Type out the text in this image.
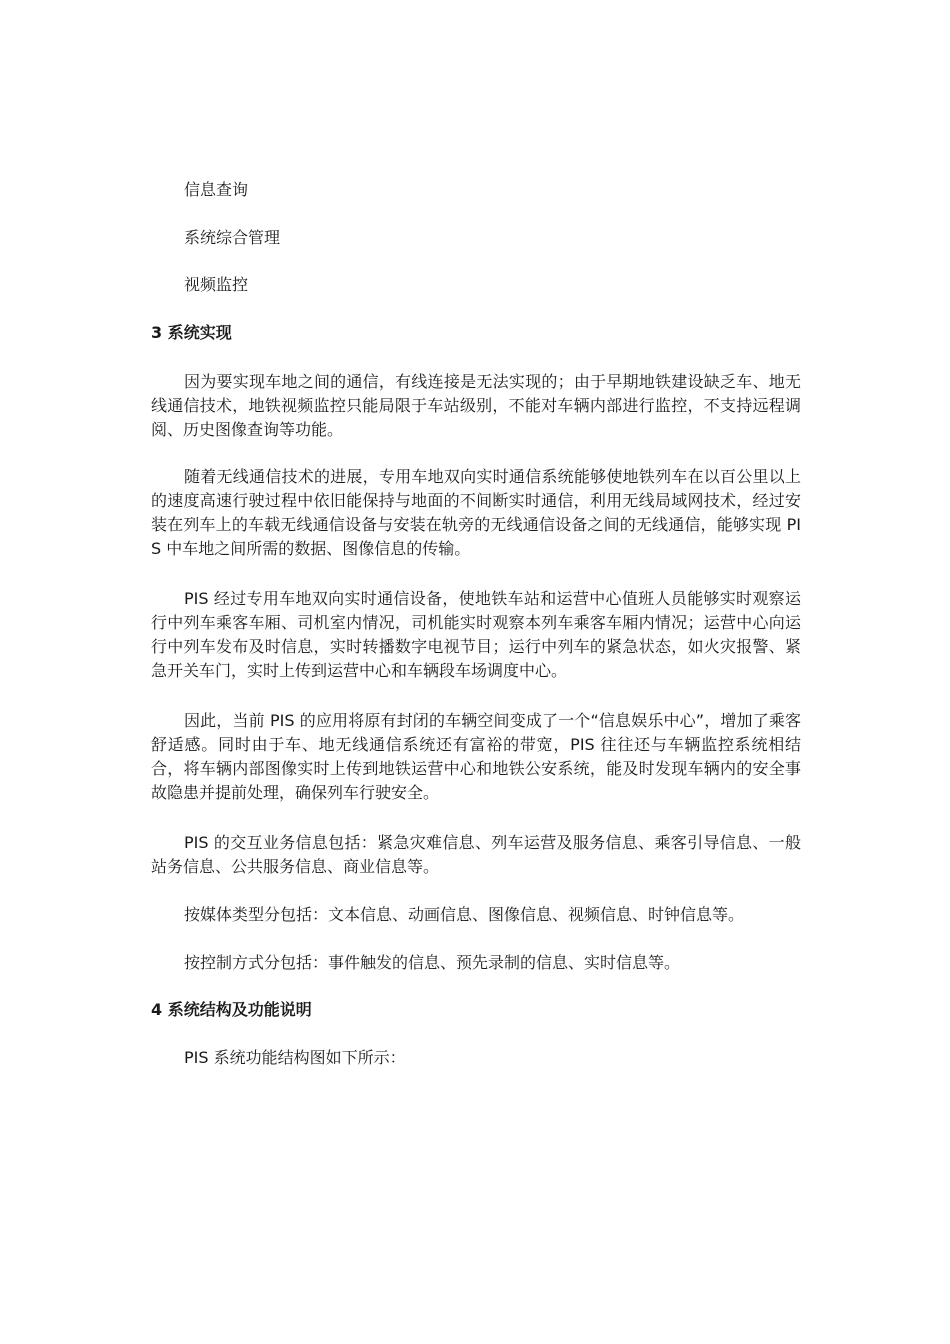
信息查询
系统综合管理
视频监控
3 系统实现
因为要实现车地之间的通信，有线连接是无法实现的；由于早期地铁建设缺乏车、地无线通信技术，地铁视频监控只能局限于车站级别，不能对车辆内部进行监控，不支持远程调阅、历史图像查询等功能。
随着无线通信技术的进展，专用车地双向实时通信系统能够使地铁列车在以百公里以上的速度高速行驶过程中依旧能保持与地面的不间断实时通信，利用无线局域网技术，经过安装在列车上的车载无线通信设备与安装在轨旁的无线通信设备之间的无线通信，能够实现 PIS 中车地之间所需的数据、图像信息的传输。
PIS 经过专用车地双向实时通信设备，使地铁车站和运营中心值班人员能够实时观察运行中列车乘客车厢、司机室内情况，司机能实时观察本列车乘客车厢内情况；运营中心向运行中列车发布及时信息，实时转播数字电视节目；运行中列车的紧急状态，如火灾报警、紧急开关车门，实时上传到运营中心和车辆段车场调度中心。
因此，当前 PIS 的应用将原有封闭的车辆空间变成了一个“信息娱乐中心”，增加了乘客舒适感。同时由于车、地无线通信系统还有富裕的带宽，PIS 往往还与车辆监控系统相结合，将车辆内部图像实时上传到地铁运营中心和地铁公安系统，能及时发现车辆内的安全事故隐患并提前处理，确保列车行驶安全。
PIS 的交互业务信息包括：紧急灾难信息、列车运营及服务信息、乘客引导信息、一般站务信息、公共服务信息、商业信息等。
按媒体类型分包括：文本信息、动画信息、图像信息、视频信息、时钟信息等。
按控制方式分包括：事件触发的信息、预先录制的信息、实时信息等。
4 系统结构及功能说明
PIS 系统功能结构图如下所示：
